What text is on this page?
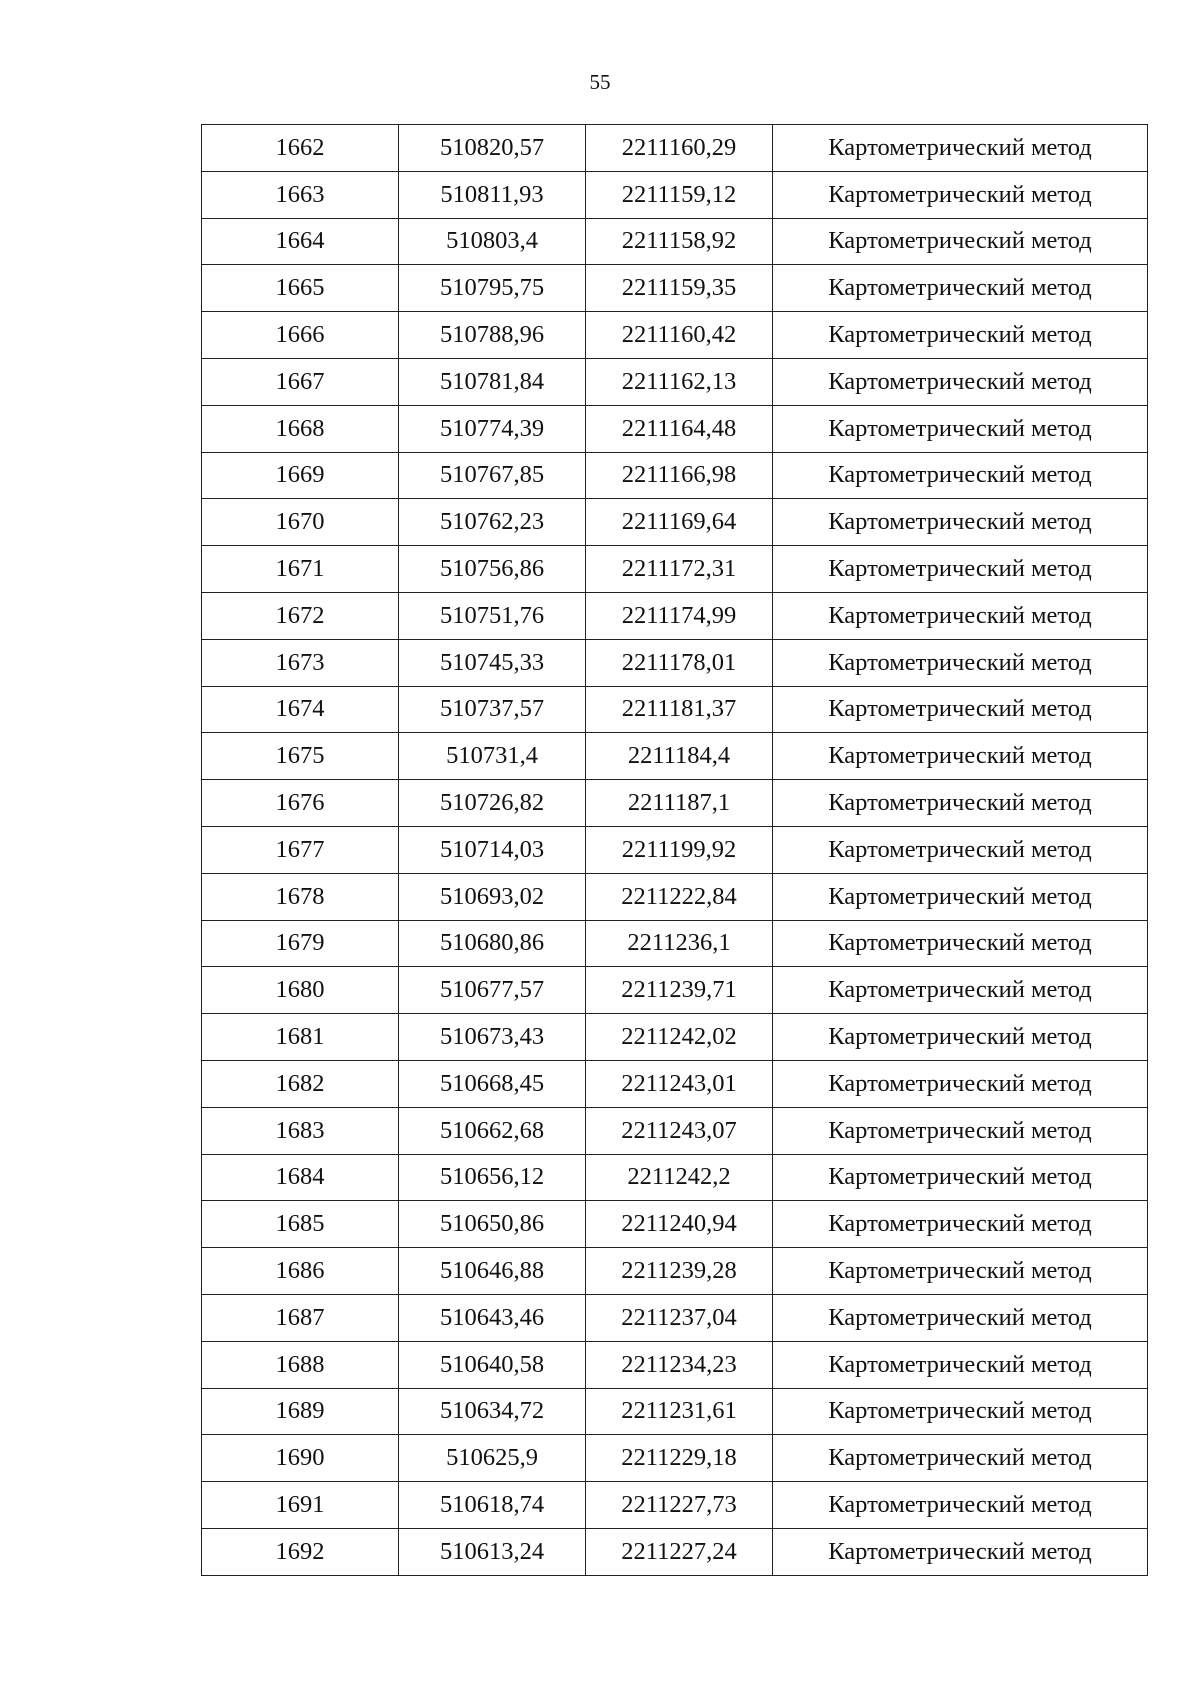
55
1662	510820,57	2211160,29	Картометрический метод
1663	510811,93	2211159,12	Картометрический метод
1664	510803,4	2211158,92	Картометрический метод
1665	510795,75	2211159,35	Картометрический метод
1666	510788,96	2211160,42	Картометрический метод
1667	510781,84	2211162,13	Картометрический метод
1668	510774,39	2211164,48	Картометрический метод
1669	510767,85	2211166,98	Картометрический метод
1670	510762,23	2211169,64	Картометрический метод
1671	510756,86	2211172,31	Картометрический метод
1672	510751,76	2211174,99	Картометрический метод
1673	510745,33	2211178,01	Картометрический метод
1674	510737,57	2211181,37	Картометрический метод
1675	510731,4	2211184,4	Картометрический метод
1676	510726,82	2211187,1	Картометрический метод
1677	510714,03	2211199,92	Картометрический метод
1678	510693,02	2211222,84	Картометрический метод
1679	510680,86	2211236,1	Картометрический метод
1680	510677,57	2211239,71	Картометрический метод
1681	510673,43	2211242,02	Картометрический метод
1682	510668,45	2211243,01	Картометрический метод
1683	510662,68	2211243,07	Картометрический метод
1684	510656,12	2211242,2	Картометрический метод
1685	510650,86	2211240,94	Картометрический метод
1686	510646,88	2211239,28	Картометрический метод
1687	510643,46	2211237,04	Картометрический метод
1688	510640,58	2211234,23	Картометрический метод
1689	510634,72	2211231,61	Картометрический метод
1690	510625,9	2211229,18	Картометрический метод
1691	510618,74	2211227,73	Картометрический метод
1692	510613,24	2211227,24	Картометрический метод
